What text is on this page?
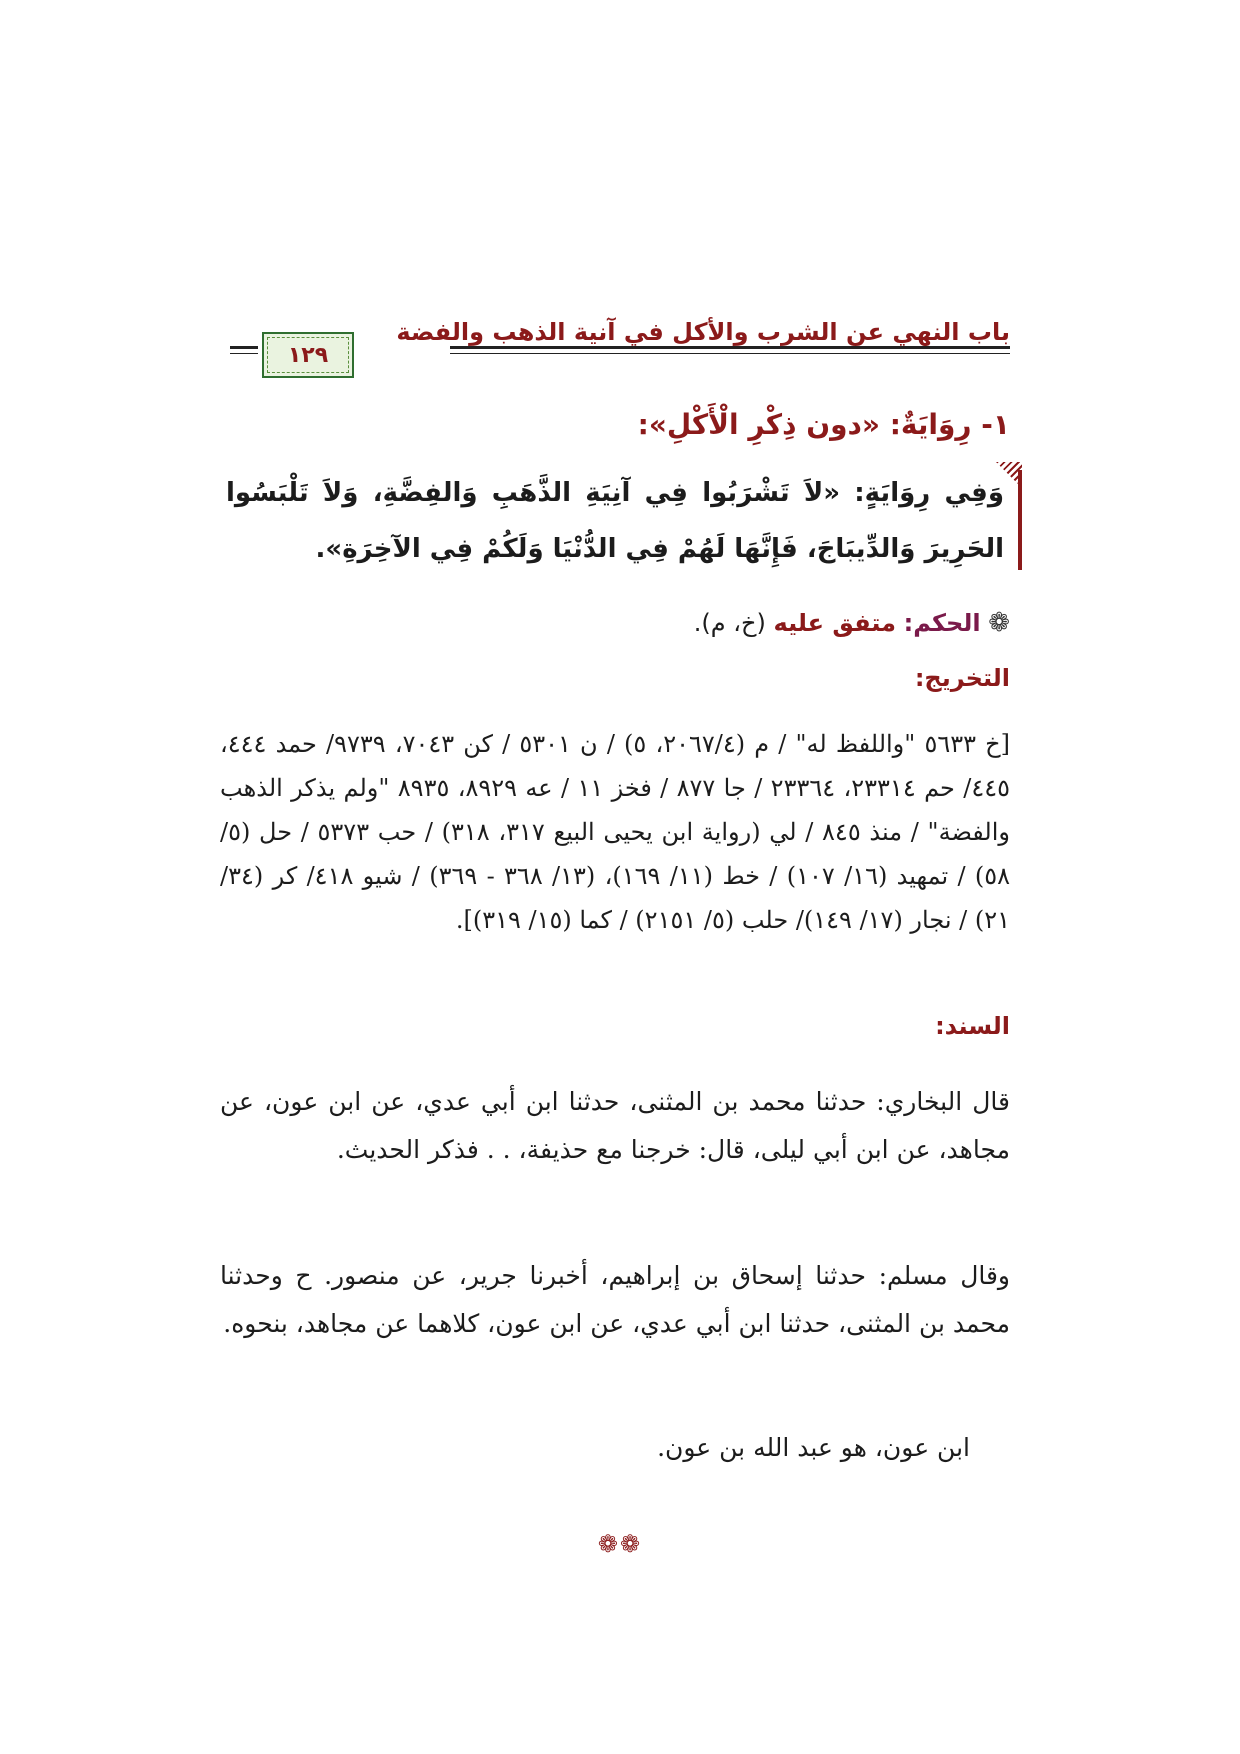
باب النهي عن الشرب والأكل في آنية الذهب والفضة
١٢٩
١- رِوَايَةٌ: «دون ذِكْرِ الْأَكْلِ»:
وَفِي رِوَايَةٍ: «لاَ تَشْرَبُوا فِي آنِيَةِ الذَّهَبِ وَالفِضَّةِ، وَلاَ تَلْبَسُوا الحَرِيرَ وَالدِّيبَاجَ، فَإِنَّهَا لَهُمْ فِي الدُّنْيَا وَلَكُمْ فِي الآخِرَةِ».
❁ الحكم: متفق عليه (خ، م).
التخريج:
[خ ٥٦٣٣ "واللفظ له" / م (٢٠٦٧/٤، ٥) / ن ٥٣٠١ / كن ٧٠٤٣، ٩٧٣٩/ حمد ٤٤٤، ٤٤٥/ حم ٢٣٣١٤، ٢٣٣٦٤ / جا ٨٧٧ / فخز ١١ / عه ٨٩٢٩، ٨٩٣٥ "ولم يذكر الذهب والفضة" / منذ ٨٤٥ / لي (رواية ابن يحيى البيع ٣١٧، ٣١٨) / حب ٥٣٧٣ / حل (٥/ ٥٨) / تمهيد (١٦/ ١٠٧) / خط (١١/ ١٦٩)، (١٣/ ٣٦٨ - ٣٦٩) / شيو ٤١٨/ كر (٣٤/ ٢١) / نجار (١٧/ ١٤٩)/ حلب (٥/ ٢١٥١) / كما (١٥/ ٣١٩)].
السند:
قال البخاري: حدثنا محمد بن المثنى، حدثنا ابن أبي عدي، عن ابن عون، عن مجاهد، عن ابن أبي ليلى، قال: خرجنا مع حذيفة، . . فذكر الحديث.
وقال مسلم: حدثنا إسحاق بن إبراهيم، أخبرنا جرير، عن منصور. ح وحدثنا محمد بن المثنى، حدثنا ابن أبي عدي، عن ابن عون، كلاهما عن مجاهد، بنحوه.
ابن عون، هو عبد الله بن عون.
❁❁
